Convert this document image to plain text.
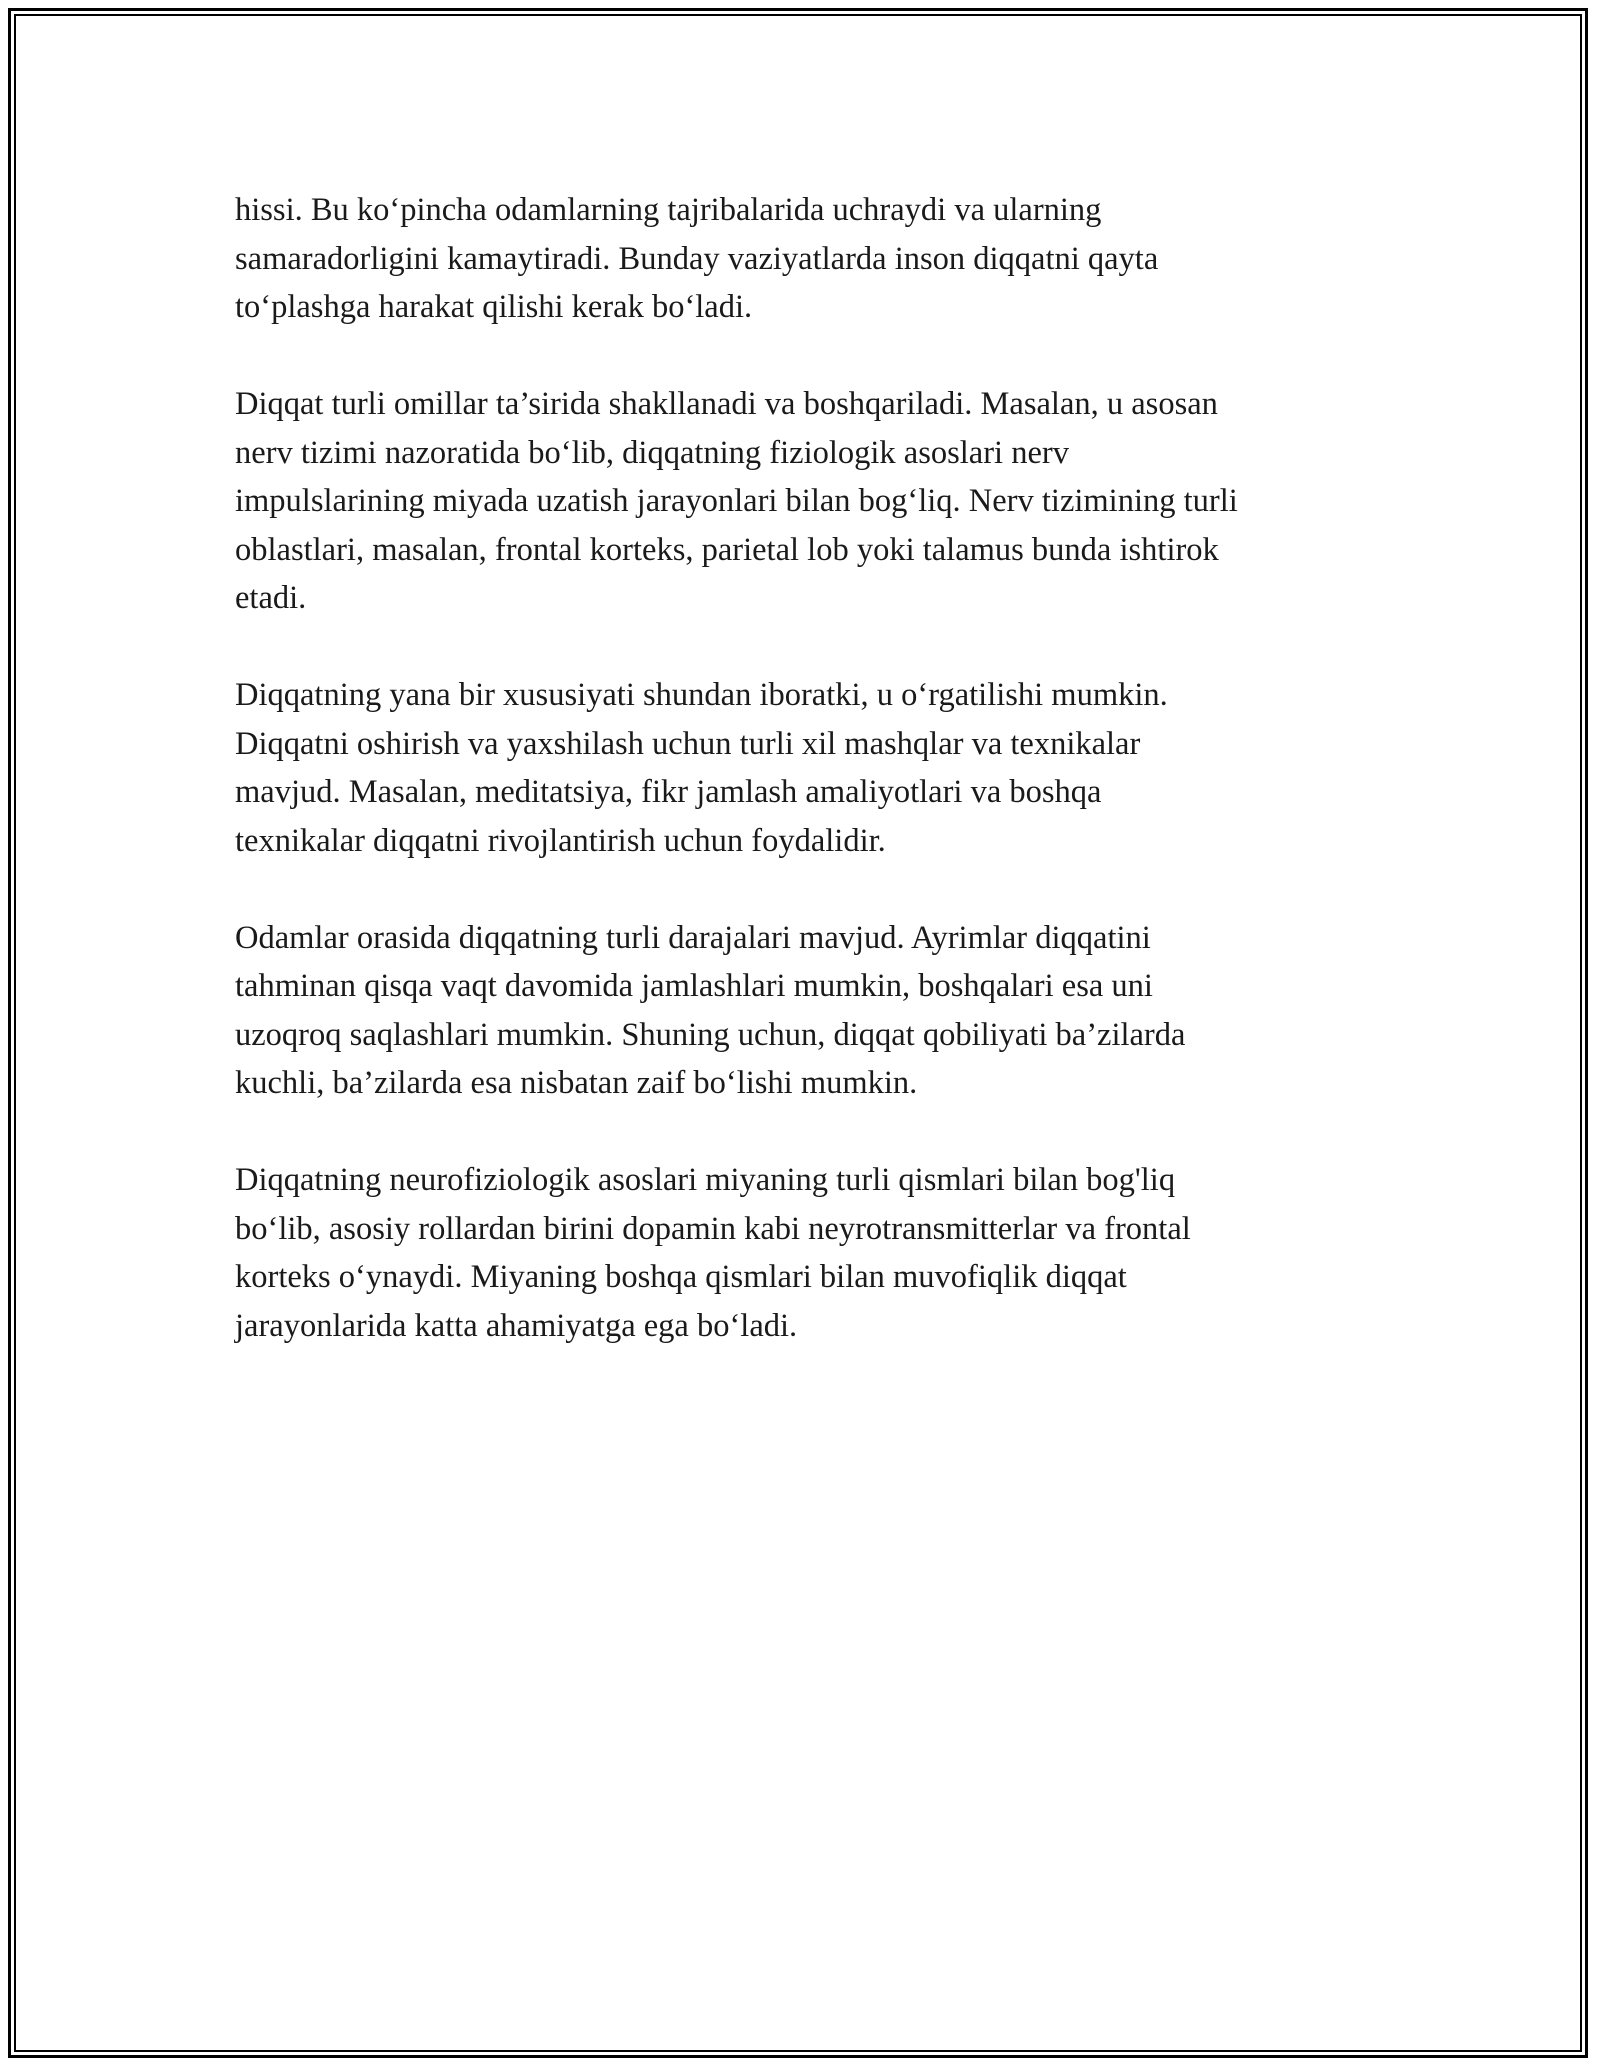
hissi. Bu ko‘pincha odamlarning tajribalarida uchraydi va ularning
samaradorligini kamaytiradi. Bunday vaziyatlarda inson diqqatni qayta
to‘plashga harakat qilishi kerak bo‘ladi.

Diqqat turli omillar ta’sirida shakllanadi va boshqariladi. Masalan, u asosan
nerv tizimi nazoratida bo‘lib, diqqatning fiziologik asoslari nerv
impulslarining miyada uzatish jarayonlari bilan bog‘liq. Nerv tizimining turli
oblastlari, masalan, frontal korteks, parietal lob yoki talamus bunda ishtirok
etadi.

Diqqatning yana bir xususiyati shundan iboratki, u o‘rgatilishi mumkin.
Diqqatni oshirish va yaxshilash uchun turli xil mashqlar va texnikalar
mavjud. Masalan, meditatsiya, fikr jamlash amaliyotlari va boshqa
texnikalar diqqatni rivojlantirish uchun foydalidir.

Odamlar orasida diqqatning turli darajalari mavjud. Ayrimlar diqqatini
tahminan qisqa vaqt davomida jamlashlari mumkin, boshqalari esa uni
uzoqroq saqlashlari mumkin. Shuning uchun, diqqat qobiliyati ba’zilarda
kuchli, ba’zilarda esa nisbatan zaif bo‘lishi mumkin.

Diqqatning neurofiziologik asoslari miyaning turli qismlari bilan bog'liq
bo‘lib, asosiy rollardan birini dopamin kabi neyrotransmitterlar va frontal
korteks o‘ynaydi. Miyaning boshqa qismlari bilan muvofiqlik diqqat
jarayonlarida katta ahamiyatga ega bo‘ladi.
